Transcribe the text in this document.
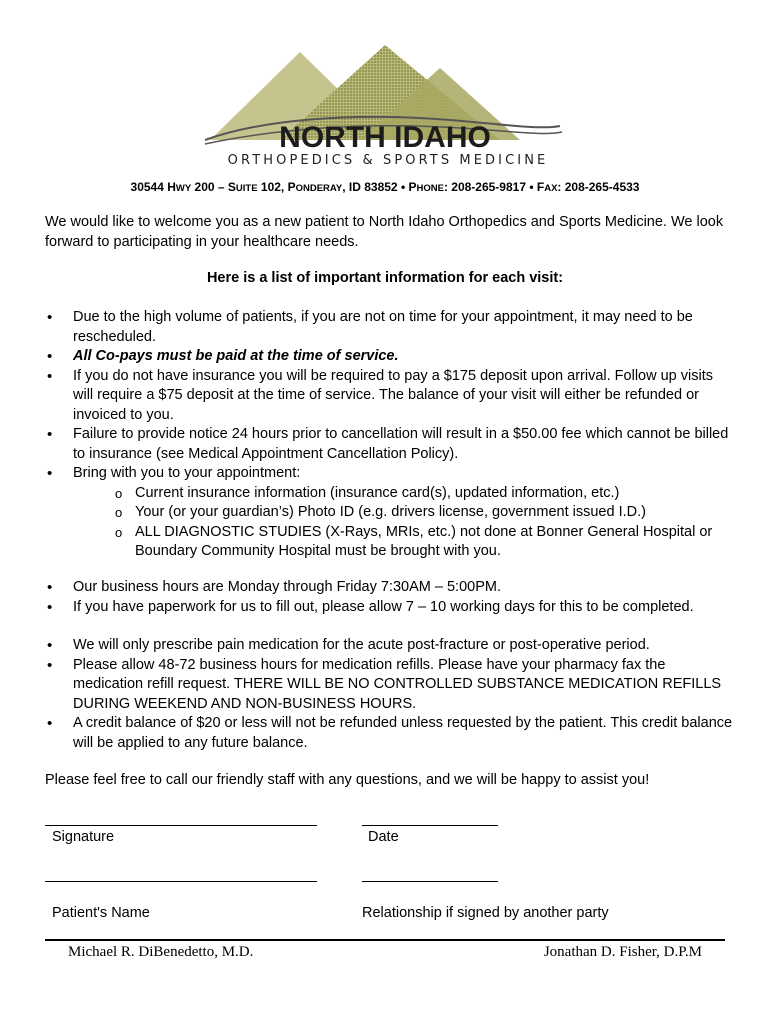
NORTH IDAHO
ORTHOPEDICS & SPORTS MEDICINE
30544 HWY 200 – SUITE 102, PONDERAY, ID 83852 • PHONE: 208-265-9817 • FAX: 208-265-4533

We would like to welcome you as a new patient to North Idaho Orthopedics and Sports Medicine. We look forward to participating in your healthcare needs.

Here is a list of important information for each visit:
• Due to the high volume of patients, if you are not on time for your appointment, it may need to be rescheduled.
• All Co-pays must be paid at the time of service.
• If you do not have insurance you will be required to pay a $175 deposit upon arrival. Follow up visits will require a $75 deposit at the time of service. The balance of your visit will either be refunded or invoiced to you.
• Failure to provide notice 24 hours prior to cancellation will result in a $50.00 fee which cannot be billed to insurance (see Medical Appointment Cancellation Policy).
• Bring with you to your appointment:
o Current insurance information (insurance card(s), updated information, etc.)
o Your (or your guardian’s) Photo ID (e.g. drivers license, government issued I.D.)
o ALL DIAGNOSTIC STUDIES (X-Rays, MRIs, etc.) not done at Bonner General Hospital or Boundary Community Hospital must be brought with you.
• Our business hours are Monday through Friday 7:30AM – 5:00PM.
• If you have paperwork for us to fill out, please allow 7 – 10 working days for this to be completed.
• We will only prescribe pain medication for the acute post-fracture or post-operative period.
• Please allow 48-72 business hours for medication refills. Please have your pharmacy fax the medication refill request. THERE WILL BE NO CONTROLLED SUBSTANCE MEDICATION REFILLS DURING WEEKEND AND NON-BUSINESS HOURS.
• A credit balance of $20 or less will not be refunded unless requested by the patient. This credit balance will be applied to any future balance.

Please feel free to call our friendly staff with any questions, and we will be happy to assist you!

Signature	Date
Patient's Name	Relationship if signed by another party
Michael R. DiBenedetto, M.D.	Jonathan D. Fisher, D.P.M
